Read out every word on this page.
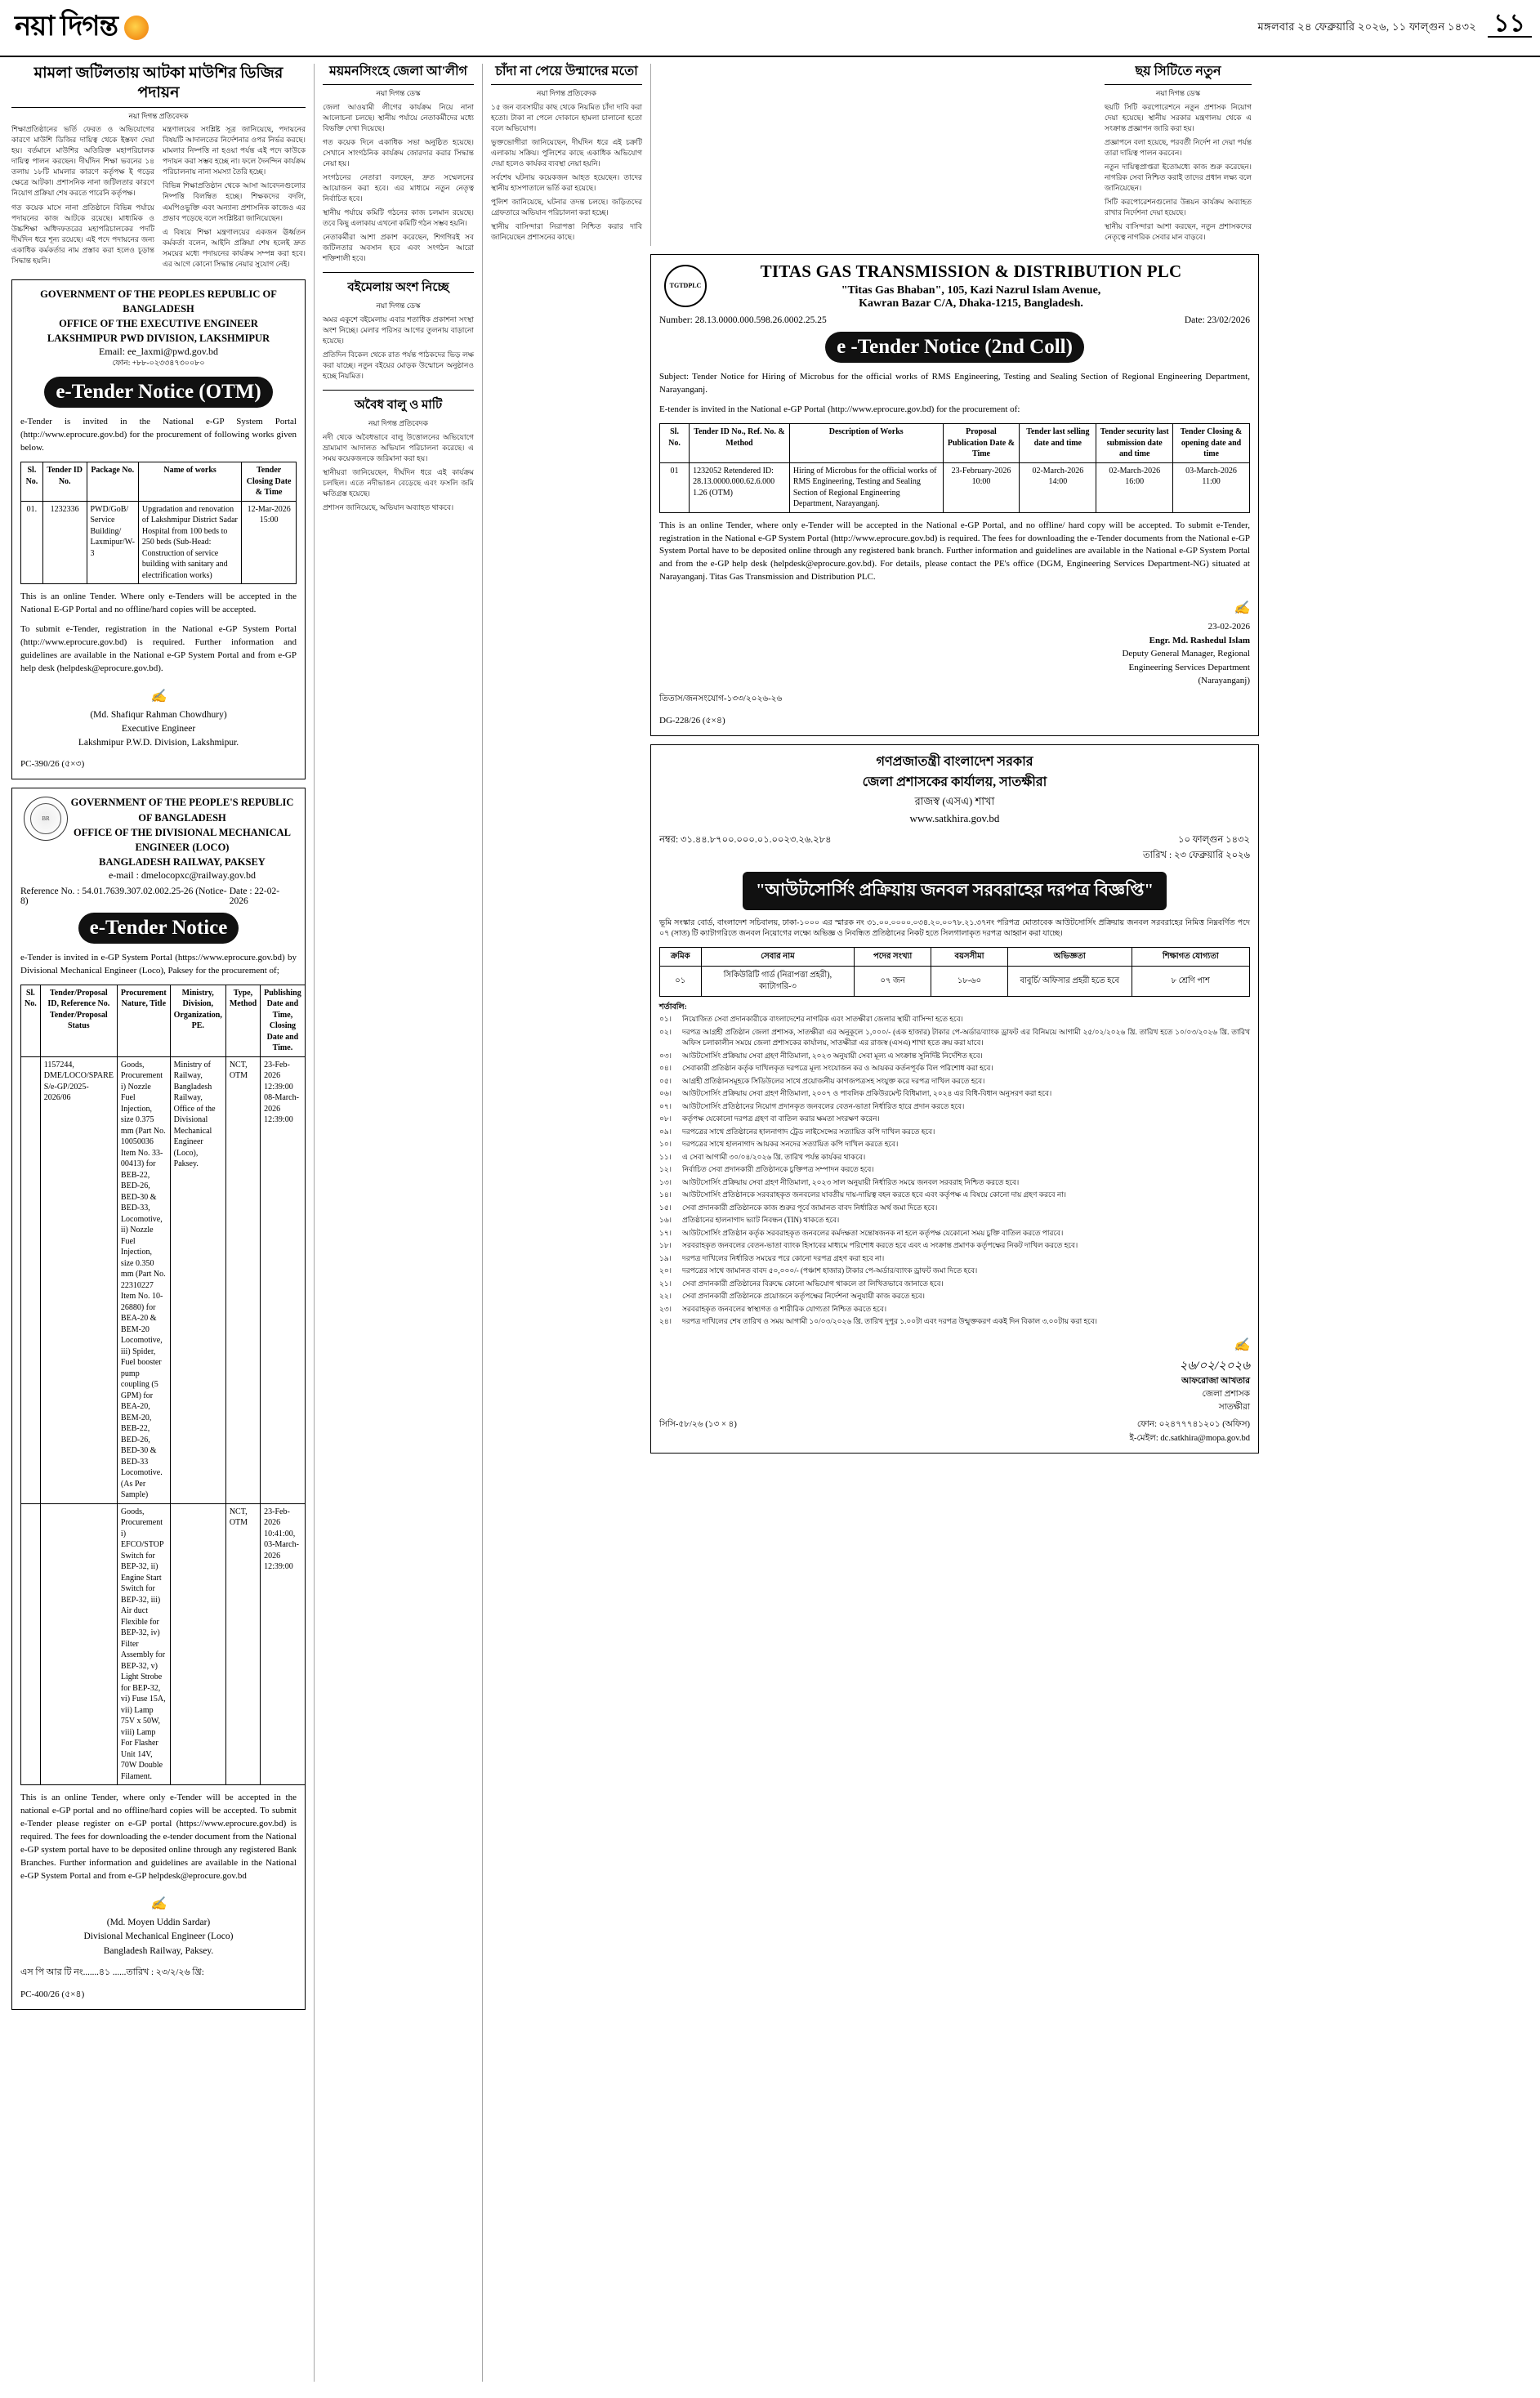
নয়া দিগন্ত	মঙ্গলবার ২৪ ফেব্রুয়ারি ২০২৬, ১১ ফাল্গুন ১৪৩২ ১১
মামলা জটিলতায় আটকা মাউশির ডিজির পদায়ন
নয়া দিগন্ত প্রতিবেদক

শিক্ষাপ্রতিষ্ঠানের ভর্তি ফেরত ও অভিযোগের কারণে মাউশি ডিজির দায়িত্ব থেকে ইস্তফা দেয়া হয়। বর্তমানে মাউশির অতিরিক্ত মহাপরিচালক দায়িত্ব পালন করছেন। দীর্ঘদিন শিক্ষা ভবনের ১৪ তলায় ১৮টি মামলার কারণে কর্তৃপক্ষ ই গড়ের ক্ষেত্রে আটকা। প্রশাসনিক নানা জটিলতার কারণে নিয়োগ প্রক্রিয়া শেষ করতে পারেনি কর্তৃপক্ষ।

গত কয়েক মাসে নানা প্রতিষ্ঠানে বিভিন্ন পর্যায়ে পদায়নের কাজ আটকে রয়েছে। মাধ্যমিক ও উচ্চশিক্ষা অধিদফতরের মহাপরিচালকের পদটি দীর্ঘদিন ধরে শূন্য রয়েছে। এই পদে পদায়নের জন্য একাধিক কর্মকর্তার নাম প্রস্তাব করা হলেও চূড়ান্ত সিদ্ধান্ত হয়নি।

মন্ত্রণালয়ের সংশ্লিষ্ট সূত্র জানিয়েছে, পদায়নের বিষয়টি আদালতের নির্দেশনার ওপর নির্ভর করছে। মামলার নিষ্পত্তি না হওয়া পর্যন্ত এই পদে কাউকে পদায়ন করা সম্ভব হচ্ছে না। ফলে দৈনন্দিন কার্যক্রম পরিচালনায় নানা সমস্যা তৈরি হচ্ছে।

বিভিন্ন শিক্ষাপ্রতিষ্ঠান থেকে আসা আবেদনগুলোর নিষ্পত্তি বিলম্বিত হচ্ছে। শিক্ষকদের বদলি, এমপিওভুক্তি এবং অন্যান্য প্রশাসনিক কাজেও এর প্রভাব পড়েছে বলে সংশ্লিষ্টরা জানিয়েছেন।

এ বিষয়ে শিক্ষা মন্ত্রণালয়ের একজন ঊর্ধ্বতন কর্মকর্তা বলেন, আইনি প্রক্রিয়া শেষ হলেই দ্রুত সময়ের মধ্যে পদায়নের কার্যক্রম সম্পন্ন করা হবে। এর আগে কোনো সিদ্ধান্ত নেয়ার সুযোগ নেই।

GOVERNMENT OF THE PEOPLES REPUBLIC OF BANGLADESH
OFFICE OF THE EXECUTIVE ENGINEER
LAKSHMIPUR PWD DIVISION, LAKSHMIPUR
Email: ee_laxmi@pwd.gov.bd
ফোন: +৮৮-০২৩৩৪৭৩০০৮০
e-Tender Notice (OTM)
e-Tender is invited in the National e-GP System Portal (http://www.eprocure.gov.bd) for the procurement of following works given below.
Sl. No.	Tender ID No.	Package No.	Name of works	Tender Closing Date & Time
01.	1232336	PWD/GoB/ Service Building/ Laxmipur/W-3	Upgradation and renovation of Lakshmipur District Sadar Hospital from 100 beds to 250 beds (Sub-Head: Construction of service building with sanitary and electrification works)	12-Mar-2026 15:00
This is an online Tender. Where only e-Tenders will be accepted in the National E-GP Portal and no offline/hard copies will be accepted.
To submit e-Tender, registration in the National e-GP System Portal (http://www.eprocure.gov.bd) is required. Further information and guidelines are available in the National e-GP System Portal and from e-GP help desk (helpdesk@eprocure.gov.bd).
✍
(Md. Shafiqur Rahman Chowdhury)
Executive Engineer
Lakshmipur P.W.D. Division, Lakshmipur.
PC-390/26 (৫×৩)
BR
GOVERNMENT OF THE PEOPLE'S REPUBLIC OF BANGLADESH
OFFICE OF THE DIVISIONAL MECHANICAL ENGINEER (LOCO)
BANGLADESH RAILWAY, PAKSEY
e-mail : dmelocopxc@railway.gov.bd
Reference No. : 54.01.7639.307.02.002.25-26 (Notice-8)
Date : 22-02-2026
e-Tender Notice
e-Tender is invited in e-GP System Portal (https://www.eprocure.gov.bd) by Divisional Mechanical Engineer (Loco), Paksey for the procurement of;
Sl. No.	Tender/Proposal ID, Reference No. Tender/Proposal Status	Procurement Nature, Title	Ministry, Division, Organization, PE.	Type, Method	Publishing Date and Time, Closing Date and Time.
	1157244, DME/LOCO/SPARE S/e-GP/2025-2026/06	Goods, Procurement i) Nozzle Fuel Injection, size 0.375 mm (Part No. 10050036 Item No. 33-00413) for BEB-22, BED-26, BED-30 & BED-33, Locomotive, ii) Nozzle Fuel Injection, size 0.350 mm (Part No. 22310227 Item No. 10-26880) for BEA-20 & BEM-20 Locomotive, iii) Spider, Fuel booster pump coupling (5 GPM) for BEA-20, BEM-20, BEB-22, BED-26, BED-30 & BED-33 Locomotive. (As Per Sample)	Ministry of Railway, Bangladesh Railway, Office of the Divisional Mechanical Engineer (Loco), Paksey.	NCT, OTM	23-Feb-2026 12:39:00 08-March-2026 12:39:00
		Goods, Procurement i) EFCO/STOP Switch for BEP-32, ii) Engine Start Switch for BEP-32, iii) Air duct Flexible for BEP-32, iv) Filter Assembly for BEP-32, v) Light Strobe for BEP-32, vi) Fuse 15A, vii) Lamp 75V x 50W, viii) Lamp For Flasher Unit 14V, 70W Double Filament.		NCT, OTM	23-Feb-2026 10:41:00, 03-March-2026 12:39:00
This is an online Tender, where only e-Tender will be accepted in the national e-GP portal and no offline/hard copies will be accepted. To submit e-Tender please register on e-GP portal (https://www.eprocure.gov.bd) is required. The fees for downloading the e-tender document from the National e-GP system portal have to be deposited online through any registered Bank Branches. Further information and guidelines are available in the National e-GP System Portal and from e-GP helpdesk@eprocure.gov.bd
✍
(Md. Moyen Uddin Sardar)
Divisional Mechanical Engineer (Loco)
Bangladesh Railway, Paksey.
এস পি আর টি নং.......৪১ ......তারিখ : ২৩/২/২৬ খ্রি:
PC-400/26 (৫×৪)
ময়মনসিংহে জেলা আ'লীগ
নয়া দিগন্ত ডেস্ক

জেলা আওয়ামী লীগের কার্যক্রম নিয়ে নানা আলোচনা চলছে। স্থানীয় পর্যায়ে নেতাকর্মীদের মধ্যে বিভক্তি দেখা দিয়েছে।

গত কয়েক দিনে একাধিক সভা অনুষ্ঠিত হয়েছে। সেখানে সাংগঠনিক কার্যক্রম জোরদার করার সিদ্ধান্ত নেয়া হয়।

সংগঠনের নেতারা বলছেন, দ্রুত সম্মেলনের আয়োজন করা হবে। এর মাধ্যমে নতুন নেতৃত্ব নির্বাচিত হবে।

স্থানীয় পর্যায়ে কমিটি গঠনের কাজ চলমান রয়েছে। তবে কিছু এলাকায় এখনো কমিটি গঠন সম্ভব হয়নি।

নেতাকর্মীরা আশা প্রকাশ করেছেন, শিগগিরই সব জটিলতার অবসান হবে এবং সংগঠন আরো শক্তিশালী হবে।

বইমেলায় অংশ নিচ্ছে
নয়া দিগন্ত ডেস্ক

অমর একুশে বইমেলায় এবার শতাধিক প্রকাশনা সংস্থা অংশ নিচ্ছে। মেলার পরিসর আগের তুলনায় বাড়ানো হয়েছে।

প্রতিদিন বিকেল থেকে রাত পর্যন্ত পাঠকদের ভিড় লক্ষ করা যাচ্ছে। নতুন বইয়ের মোড়ক উন্মোচন অনুষ্ঠানও হচ্ছে নিয়মিত।

অবৈধ বালু ও মাটি
নয়া দিগন্ত প্রতিবেদক

নদী থেকে অবৈধভাবে বালু উত্তোলনের অভিযোগে ভ্রাম্যমাণ আদালত অভিযান পরিচালনা করেছে। এ সময় কয়েকজনকে জরিমানা করা হয়।

স্থানীয়রা জানিয়েছেন, দীর্ঘদিন ধরে এই কার্যক্রম চলছিল। এতে নদীভাঙন বেড়েছে এবং ফসলি জমি ক্ষতিগ্রস্ত হয়েছে।

প্রশাসন জানিয়েছে, অভিযান অব্যাহত থাকবে।

চাঁদা না পেয়ে উন্মাদের মতো
নয়া দিগন্ত প্রতিবেদক

১৫ জন ব্যবসায়ীর কাছ থেকে নিয়মিত চাঁদা দাবি করা হতো। টাকা না পেলে দোকানে হামলা চালানো হতো বলে অভিযোগ।

ভুক্তভোগীরা জানিয়েছেন, দীর্ঘদিন ধরে এই চক্রটি এলাকায় সক্রিয়। পুলিশের কাছে একাধিক অভিযোগ দেয়া হলেও কার্যকর ব্যবস্থা নেয়া হয়নি।

সর্বশেষ ঘটনায় কয়েকজন আহত হয়েছেন। তাদের স্থানীয় হাসপাতালে ভর্তি করা হয়েছে।

পুলিশ জানিয়েছে, ঘটনার তদন্ত চলছে। জড়িতদের গ্রেফতারে অভিযান পরিচালনা করা হচ্ছে।

স্থানীয় বাসিন্দারা নিরাপত্তা নিশ্চিত করার দাবি জানিয়েছেন প্রশাসনের কাছে।

ছয় সিটিতে নতুন
নয়া দিগন্ত ডেস্ক

ছয়টি সিটি করপোরেশনে নতুন প্রশাসক নিয়োগ দেয়া হয়েছে। স্থানীয় সরকার মন্ত্রণালয় থেকে এ সংক্রান্ত প্রজ্ঞাপন জারি করা হয়।

প্রজ্ঞাপনে বলা হয়েছে, পরবর্তী নির্দেশ না দেয়া পর্যন্ত তারা দায়িত্ব পালন করবেন।

নতুন দায়িত্বপ্রাপ্তরা ইতোমধ্যে কাজ শুরু করেছেন। নাগরিক সেবা নিশ্চিত করাই তাদের প্রধান লক্ষ্য বলে জানিয়েছেন।

সিটি করপোরেশনগুলোর উন্নয়ন কার্যক্রম অব্যাহত রাখার নির্দেশনা দেয়া হয়েছে।

স্থানীয় বাসিন্দারা আশা করছেন, নতুন প্রশাসকদের নেতৃত্বে নাগরিক সেবার মান বাড়বে।

TGTDPLC
TITAS GAS TRANSMISSION & DISTRIBUTION PLC
"Titas Gas Bhaban", 105, Kazi Nazrul Islam Avenue,
Kawran Bazar C/A, Dhaka-1215, Bangladesh.
Number: 28.13.0000.000.598.26.0002.25.25	Date: 23/02/2026
e -Tender Notice (2nd Coll)
Subject: Tender Notice for Hiring of Microbus for the official works of RMS Engineering, Testing and Sealing Section of Regional Engineering Department, Narayanganj.
E-tender is invited in the National e-GP Portal (http://www.eprocure.gov.bd) for the procurement of:
Sl. No.	Tender ID No., Ref. No. & Method	Description of Works	Proposal Publication Date & Time	Tender last selling date and time	Tender security last submission date and time	Tender Closing & opening date and time
01	1232052 Retendered ID: 28.13.0000.000.62.6.000 1.26 (OTM)	Hiring of Microbus for the official works of RMS Engineering, Testing and Sealing Section of Regional Engineering Department, Narayanganj.	23-February-2026 10:00	02-March-2026 14:00	02-March-2026 16:00	03-March-2026 11:00
This is an online Tender, where only e-Tender will be accepted in the National e-GP Portal, and no offline/ hard copy will be accepted. To submit e-Tender, registration in the National e-GP System Portal (http://www.eprocure.gov.bd) is required. The fees for downloading the e-Tender documents from the National e-GP System Portal have to be deposited online through any registered bank branch. Further information and guidelines are available in the National e-GP System Portal and from the e-GP help desk (helpdesk@eprocure.gov.bd). For details, please contact the PE's office (DGM, Engineering Services Department-NG) situated at Narayanganj. Titas Gas Transmission and Distribution PLC.
✍
23-02-2026
Engr. Md. Rashedul Islam
Deputy General Manager, Regional
Engineering Services Department
(Narayanganj)
তিতাস/জনসংযোগ-১৩৩/২০২৬-২৬
DG-228/26 (৫×৪)
গণপ্রজাতন্ত্রী বাংলাদেশ সরকার
জেলা প্রশাসকের কার্যালয়, সাতক্ষীরা
রাজস্ব (এসএ) শাখা
www.satkhira.gov.bd
নম্বর: ৩১.৪৪.৮৭০০.০০০.০১.০০২৩.২৬.২৮৪	১০ ফাল্গুন ১৪৩২
তারিখ : ২৩ ফেব্রুয়ারি ২০২৬
"আউটসোর্সিং প্রক্রিয়ায় জনবল সরবরাহের দরপত্র বিজ্ঞপ্তি"
ভূমি সংস্কার বোর্ড, বাংলাদেশ সচিবালয়, ঢাকা-১০০০ এর স্মারক নং ৩১.০০.০০০০.০৩৪.২০.০০৭৮.২১.৩৭নং পরিপত্র মোতাবেক আউটসোর্সিং প্রক্রিয়ায় জনবল সরবরাহের নিমিত্ত নিম্নবর্ণিত পদে ০৭ (সাত) টি ক্যাটাগরিতে জনবল নিয়োগের লক্ষ্যে অভিজ্ঞ ও নিবন্ধিত প্রতিষ্ঠানের নিকট হতে সিলগালাকৃত দরপত্র আহ্বান করা যাচ্ছে।
ক্রমিক	সেবার নাম	পদের সংখ্যা	বয়সসীমা	অভিজ্ঞতা	শিক্ষাগত যোগ্যতা
০১	সিকিউরিটি গার্ড (নিরাপত্তা প্রহরী), ক্যাটাগরি-৩	০৭ জন	১৮-৬০	বাবুর্চি/ অফিসার প্রহরী হতে হবে	৮ শ্রেণি পাশ
শর্তাবলি:
০১।	নিয়োজিত সেবা প্রদানকারীকে বাংলাদেশের নাগরিক এবং সাতক্ষীরা জেলার স্থায়ী বাসিন্দা হতে হবে।
০২।	দরপত্র আগ্রহী প্রতিষ্ঠান জেলা প্রশাসক, সাতক্ষীরা এর অনুকূলে ১,০০০/- (এক হাজার) টাকার পে-অর্ডার/ব্যাংক ড্রাফট এর বিনিময়ে আগামী ২৫/০২/২০২৬ খ্রি. তারিখ হতে ১০/০৩/২০২৬ খ্রি. তারিখ অফিস চলাকালীন সময়ে জেলা প্রশাসকের কার্যালয়, সাতক্ষীরা এর রাজস্ব (এসএ) শাখা হতে ক্রয় করা যাবে।
০৩।	আউটসোর্সিং প্রক্রিয়ায় সেবা গ্রহণ নীতিমালা, ২০২৩ অনুযায়ী সেবা মূল্য এ সংক্রান্ত সুনির্দিষ্ট নির্দেশিত হবে।
০৪।	সেবাকারী প্রতিষ্ঠান কর্তৃক দাখিলকৃত দরপত্রে মূল্য সংযোজন কর ও আয়কর কর্তনপূর্বক বিল পরিশোধ করা হবে।
০৫।	আগ্রহী প্রতিষ্ঠানসমূহকে সিডিউলের সাথে প্রয়োজনীয় কাগজপত্রসহ সংযুক্ত করে দরপত্র দাখিল করতে হবে।
০৬।	আউটসোর্সিং প্রক্রিয়ায় সেবা গ্রহণ নীতিমালা, ২০০৭ ও পাবলিক প্রকিউরমেন্ট বিধিমালা, ২০২৪ এর বিধি-বিধান অনুসরণ করা হবে।
০৭।	আউটসোর্সিং প্রতিষ্ঠানের নিয়োগ প্রদানকৃত জনবলের বেতন-ভাতা নির্ধারিত হারে প্রদান করতে হবে।
০৮।	কর্তৃপক্ষ যেকোনো দরপত্র গ্রহণ বা বাতিল করার ক্ষমতা সংরক্ষণ করেন।
০৯।	দরপত্রের সাথে প্রতিষ্ঠানের হালনাগাদ ট্রেড লাইসেন্সের সত্যায়িত কপি দাখিল করতে হবে।
১০।	দরপত্রের সাথে হালনাগাদ আয়কর সনদের সত্যায়িত কপি দাখিল করতে হবে।
১১।	এ সেবা আগামী ৩০/০৪/২০২৬ খ্রি. তারিখ পর্যন্ত কার্যকর থাকবে।
১২।	নির্বাচিত সেবা প্রদানকারী প্রতিষ্ঠানকে চুক্তিপত্র সম্পাদন করতে হবে।
১৩।	আউটসোর্সিং প্রক্রিয়ায় সেবা গ্রহণ নীতিমালা, ২০২৩ সাল অনুযায়ী নির্ধারিত সময়ে জনবল সরবরাহ নিশ্চিত করতে হবে।
১৪।	আউটসোর্সিং প্রতিষ্ঠানকে সরবরাহকৃত জনবলের যাবতীয় দায়-দায়িত্ব বহন করতে হবে এবং কর্তৃপক্ষ এ বিষয়ে কোনো দায় গ্রহণ করবে না।
১৫।	সেবা প্রদানকারী প্রতিষ্ঠানকে কাজ শুরুর পূর্বে জামানত বাবদ নির্ধারিত অর্থ জমা দিতে হবে।
১৬।	প্রতিষ্ঠানের হালনাগাদ ভ্যাট নিবন্ধন (TIN) থাকতে হবে।
১৭।	আউটসোর্সিং প্রতিষ্ঠান কর্তৃক সরবরাহকৃত জনবলের কর্মদক্ষতা সন্তোষজনক না হলে কর্তৃপক্ষ যেকোনো সময় চুক্তি বাতিল করতে পারবে।
১৮।	সরবরাহকৃত জনবলের বেতন-ভাতা ব্যাংক হিসাবের মাধ্যমে পরিশোধ করতে হবে এবং এ সংক্রান্ত প্রমাণক কর্তৃপক্ষের নিকট দাখিল করতে হবে।
১৯।	দরপত্র দাখিলের নির্ধারিত সময়ের পরে কোনো দরপত্র গ্রহণ করা হবে না।
২০।	দরপত্রের সাথে জামানত বাবদ ৫০,০০০/- (পঞ্চাশ হাজার) টাকার পে-অর্ডার/ব্যাংক ড্রাফট জমা দিতে হবে।
২১।	সেবা প্রদানকারী প্রতিষ্ঠানের বিরুদ্ধে কোনো অভিযোগ থাকলে তা লিখিতভাবে জানাতে হবে।
২২।	সেবা প্রদানকারী প্রতিষ্ঠানকে প্রয়োজনে কর্তৃপক্ষের নির্দেশনা অনুযায়ী কাজ করতে হবে।
২৩।	সরবরাহকৃত জনবলের স্বাস্থ্যগত ও শারীরিক যোগ্যতা নিশ্চিত করতে হবে।
২৪।	দরপত্র দাখিলের শেষ তারিখ ও সময় আগামী ১০/০৩/২০২৬ খ্রি. তারিখ দুপুর ১.০০টা এবং দরপত্র উন্মুক্তকরণ একই দিন বিকাল ৩.০০টায় করা হবে।
✍
২৬/০২/২০২৬
আফরোজা আখতার
জেলা প্রশাসক
সাতক্ষীরা
সিসি-৫৮/২৬ (১৩ × ৪)	ফোন: ০২৪৭৭৭৪১২০১ (অফিস)
ই-মেইল: dc.satkhira@mopa.gov.bd
